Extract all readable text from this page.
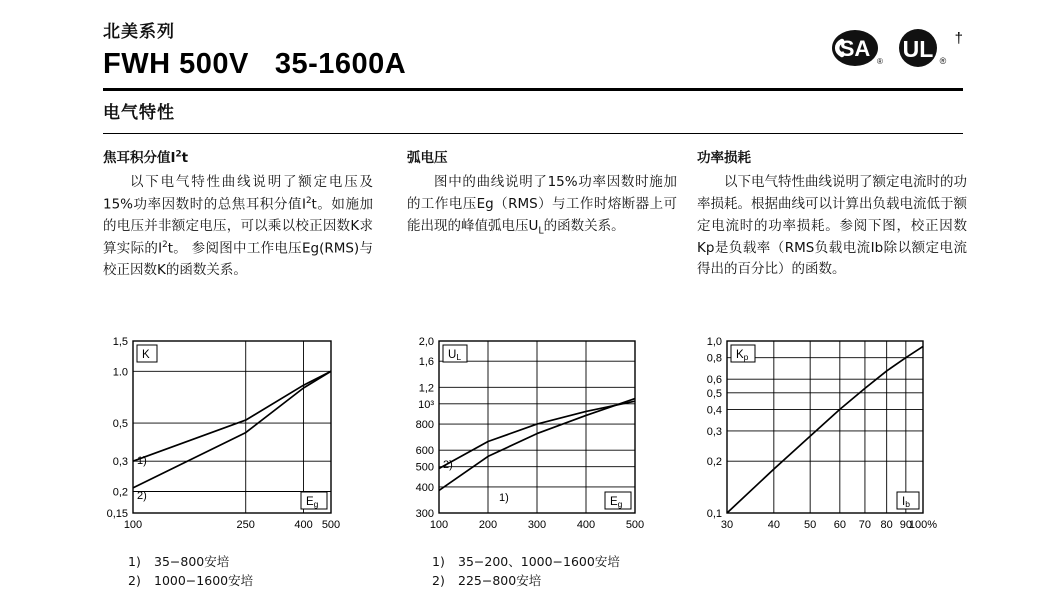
北美系列
FWH 500V 35-1600A	SA
® UL ®
†
电气特性
焦耳积分值$I^2t$
以下电气特性曲线说明了额定电压及15%功率因数时的总焦耳积分值$I^2t$。如施加的电压并非额定电压，可以乘以校正因数K求算实际的$I^2t$。 参阅图中工作电压Eg(RMS)与校正因数K的函数关系。
弧电压
图中的曲线说明了15%功率因数时施加的工作电压Eg（RMS）与工作时熔断器上可能出现的峰值弧电压$U_L$的函数关系。
功率损耗
以下电气特性曲线说明了额定电流时的功率损耗。根据曲线可以计算出负载电流低于额定电流时的功率损耗。参阅下图，校正因数Kp是负载率（RMS负载电流Ib除以额定电流得出的百分比）的函数。
100	250	400 500
1,5
1.0
0,5
0,3
0,2
0,15
K
Eg
1)
2)
1) 35−800安培
2) 1000−1600安培
100	200	300	400	500
2,0
1,6
1,2
10³
800
600
500
400
300
UL
Eg
1)
2)
1) 35−200、1000−1600安培
2) 225−800安培
30	40 50 60 70 80 90
100%
1,0
0,8
0,6
0,5
0,4
0,3
0,2
0,1
Kp
Ib
